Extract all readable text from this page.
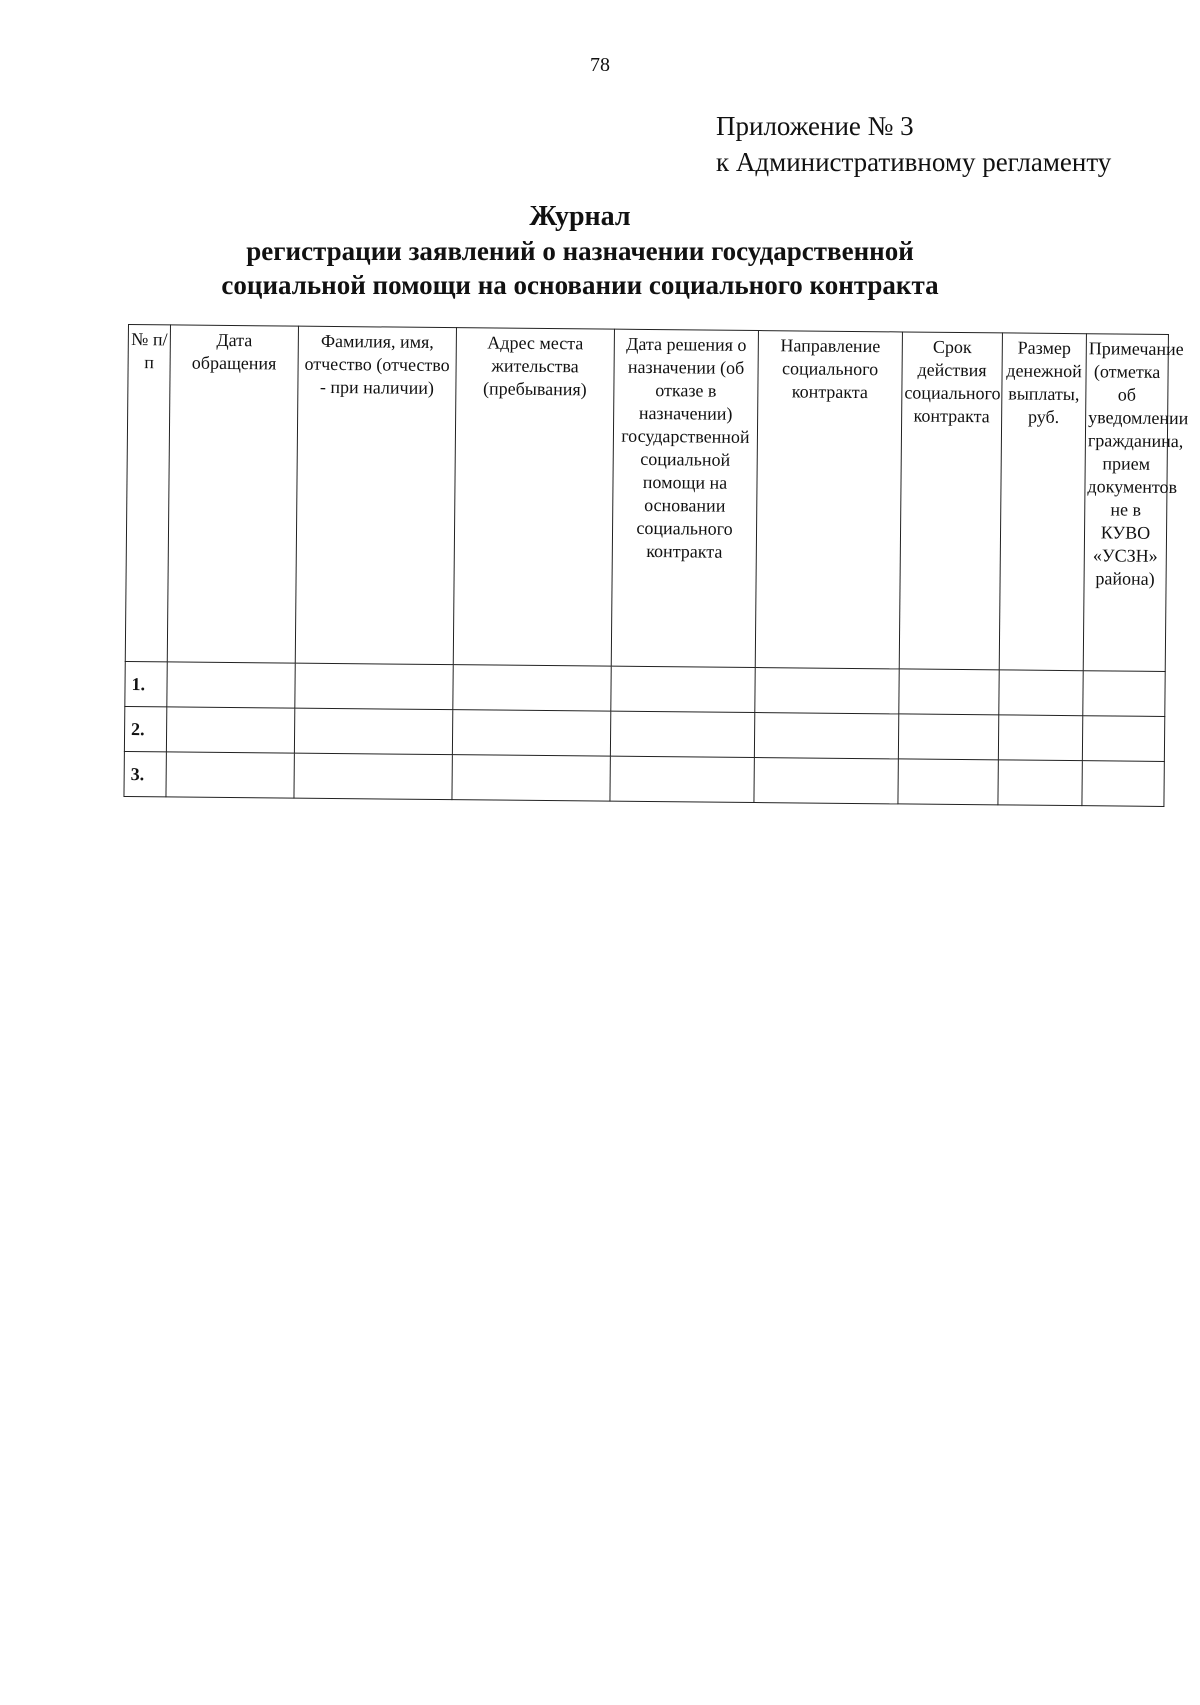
78
Приложение № 3
к Административному регламенту
Журнал
регистрации заявлений о назначении государственной
социальной помощи на основании социального контракта
№ п/п	Дата обращения	Фамилия, имя, отчество (отчество - при наличии)	Адрес места жительства (пребывания)	Дата решения о назначении (об отказе в назначении) государственной социальной помощи на основании социального контракта	Направление социального контракта	Срок действия социального контракта	Размер денежной выплаты, руб.	Примечание (отметка об уведомлении гражданина, прием документов не в КУВО «УСЗН» района)
1.								
2.								
3.								
